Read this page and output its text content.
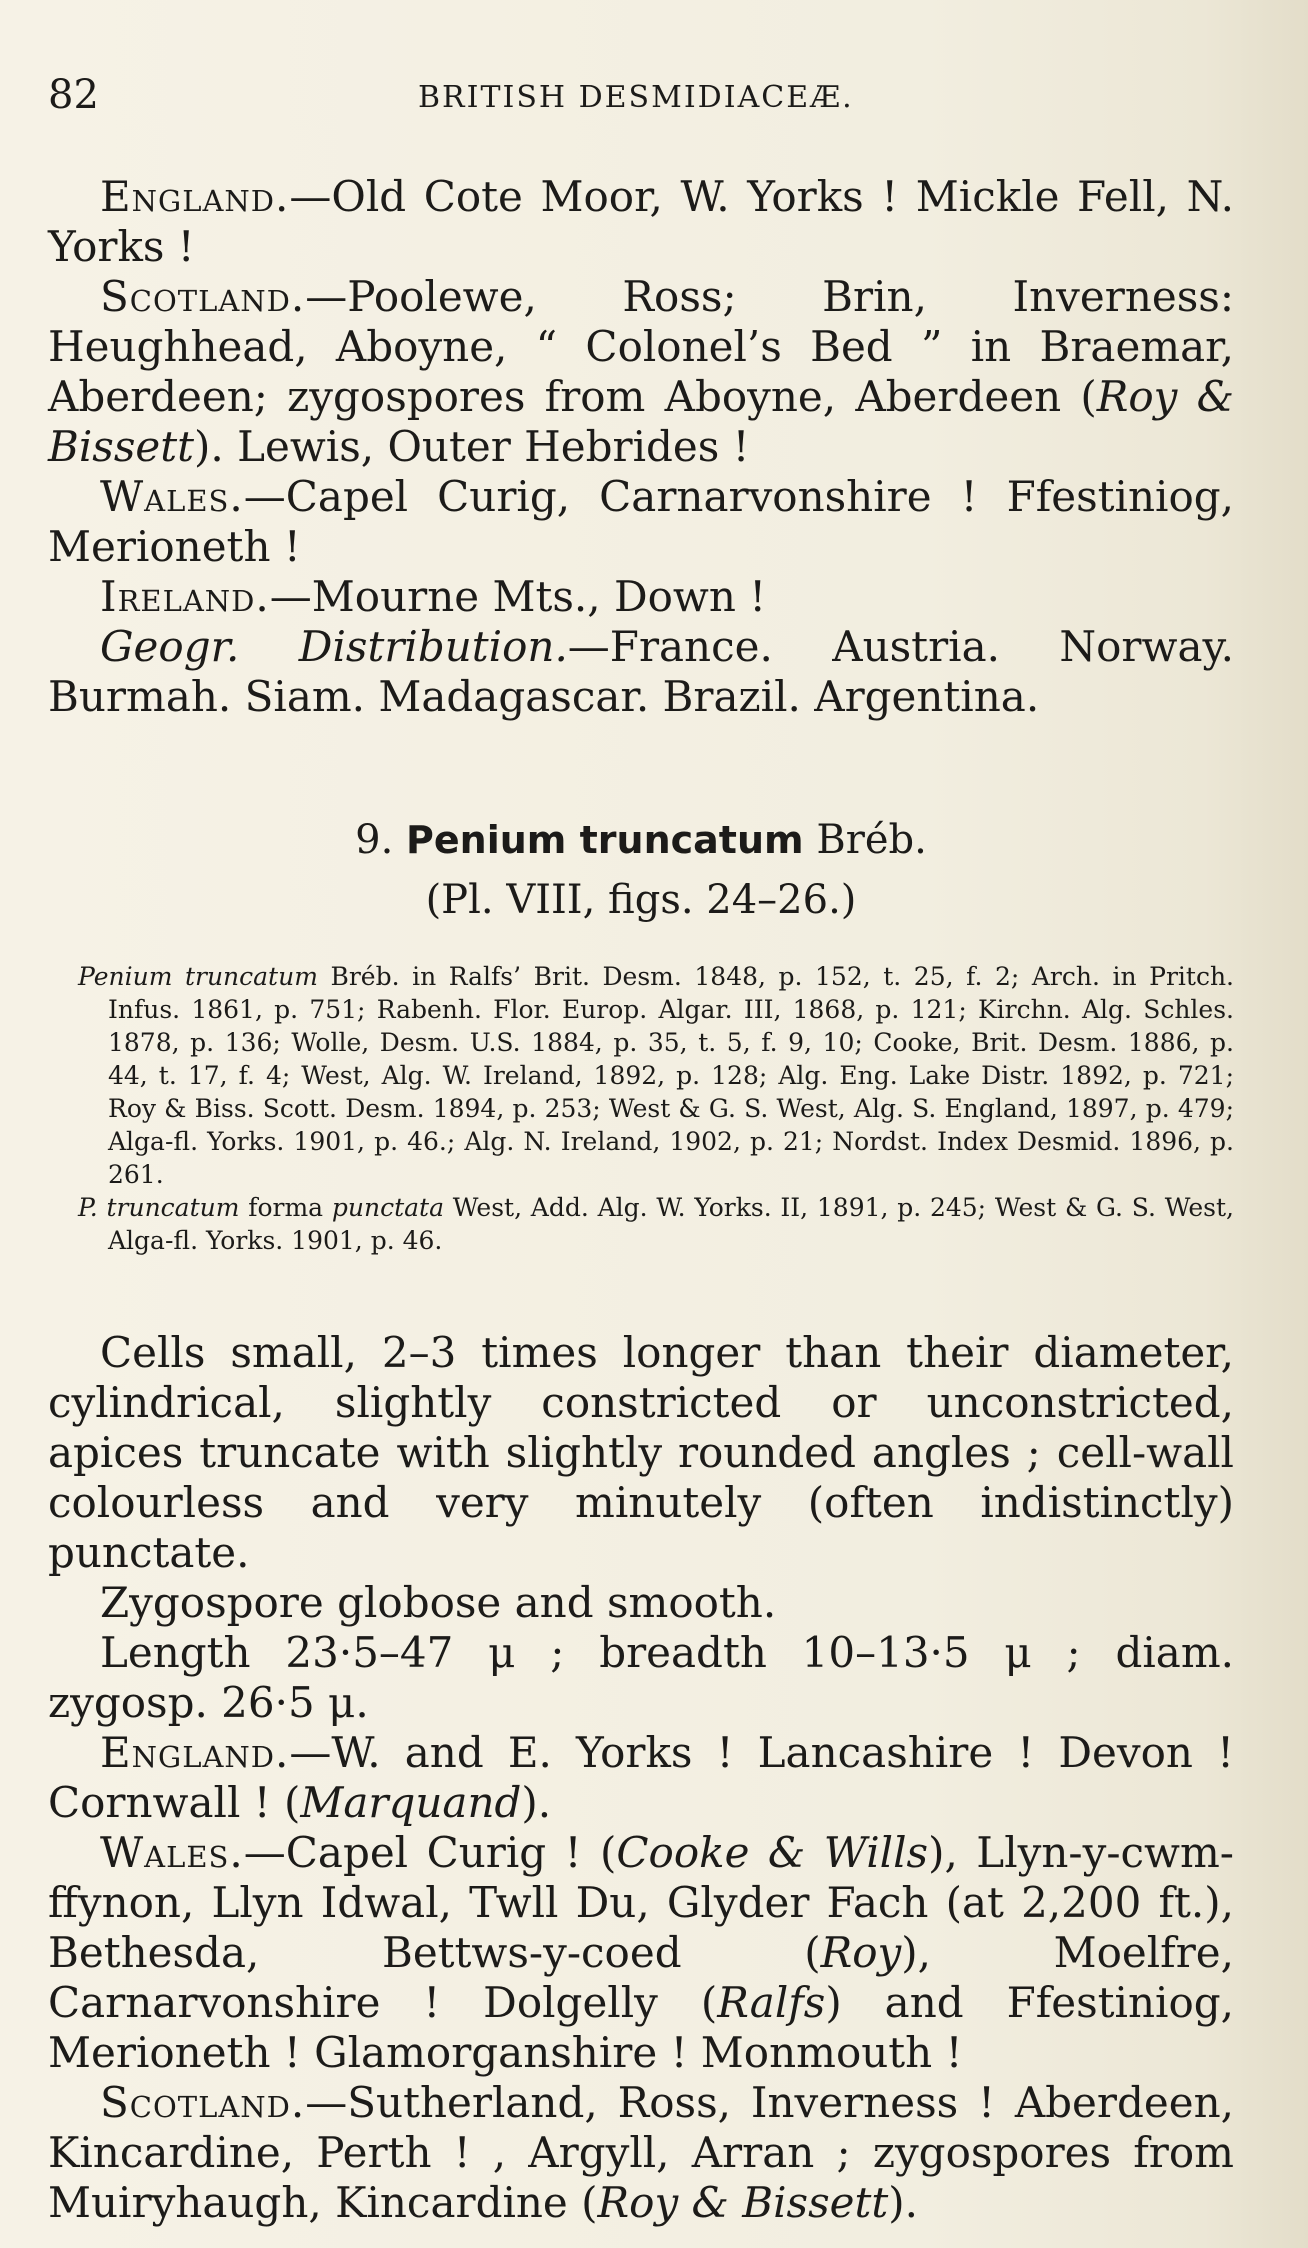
82	BRITISH DESMIDIACEÆ.

England.—Old Cote Moor, W. Yorks ! Mickle Fell, N. Yorks !

Scotland.—Poolewe, Ross; Brin, Inverness: Heughhead, Aboyne, “ Colonel’s Bed ” in Braemar, Aberdeen; zygospores from Aboyne, Aberdeen (Roy & Bissett). Lewis, Outer Hebrides !

Wales.—Capel Curig, Carnarvonshire ! Ffestiniog, Merioneth !

Ireland.—Mourne Mts., Down !

Geogr. Distribution.—France. Austria. Norway. Burmah. Siam. Madagascar. Brazil. Argentina.

9. Penium truncatum Bréb.

(Pl. VIII, figs. 24–26.)

Penium truncatum Bréb. in Ralfs’ Brit. Desm. 1848, p. 152, t. 25, f. 2; Arch. in Pritch. Infus. 1861, p. 751; Rabenh. Flor. Europ. Algar. III, 1868, p. 121; Kirchn. Alg. Schles. 1878, p. 136; Wolle, Desm. U.S. 1884, p. 35, t. 5, f. 9, 10; Cooke, Brit. Desm. 1886, p. 44, t. 17, f. 4; West, Alg. W. Ireland, 1892, p. 128; Alg. Eng. Lake Distr. 1892, p. 721; Roy & Biss. Scott. Desm. 1894, p. 253; West & G. S. West, Alg. S. England, 1897, p. 479; Alga-fl. Yorks. 1901, p. 46.; Alg. N. Ireland, 1902, p. 21; Nordst. Index Desmid. 1896, p. 261.

P. truncatum forma punctata West, Add. Alg. W. Yorks. II, 1891, p. 245; West & G. S. West, Alga-fl. Yorks. 1901, p. 46.

Cells small, 2–3 times longer than their diameter, cylindrical, slightly constricted or unconstricted, apices truncate with slightly rounded angles ; cell-wall colourless and very minutely (often indistinctly) punctate.

Zygospore globose and smooth.

Length 23·5–47 μ ; breadth 10–13·5 μ ; diam. zygosp. 26·5 μ.

England.—W. and E. Yorks ! Lancashire ! Devon ! Cornwall ! (Marquand).

Wales.—Capel Curig ! (Cooke & Wills), Llyn-y-cwm-ffynon, Llyn Idwal, Twll Du, Glyder Fach (at 2,200 ft.), Bethesda, Bettws-y-coed (Roy), Moelfre, Carnarvonshire ! Dolgelly (Ralfs) and Ffestiniog, Merioneth ! Glamorganshire ! Monmouth !

Scotland.—Sutherland, Ross, Inverness ! Aberdeen, Kincardine, Perth ! , Argyll, Arran ; zygospores from Muiryhaugh, Kincardine (Roy & Bissett).
